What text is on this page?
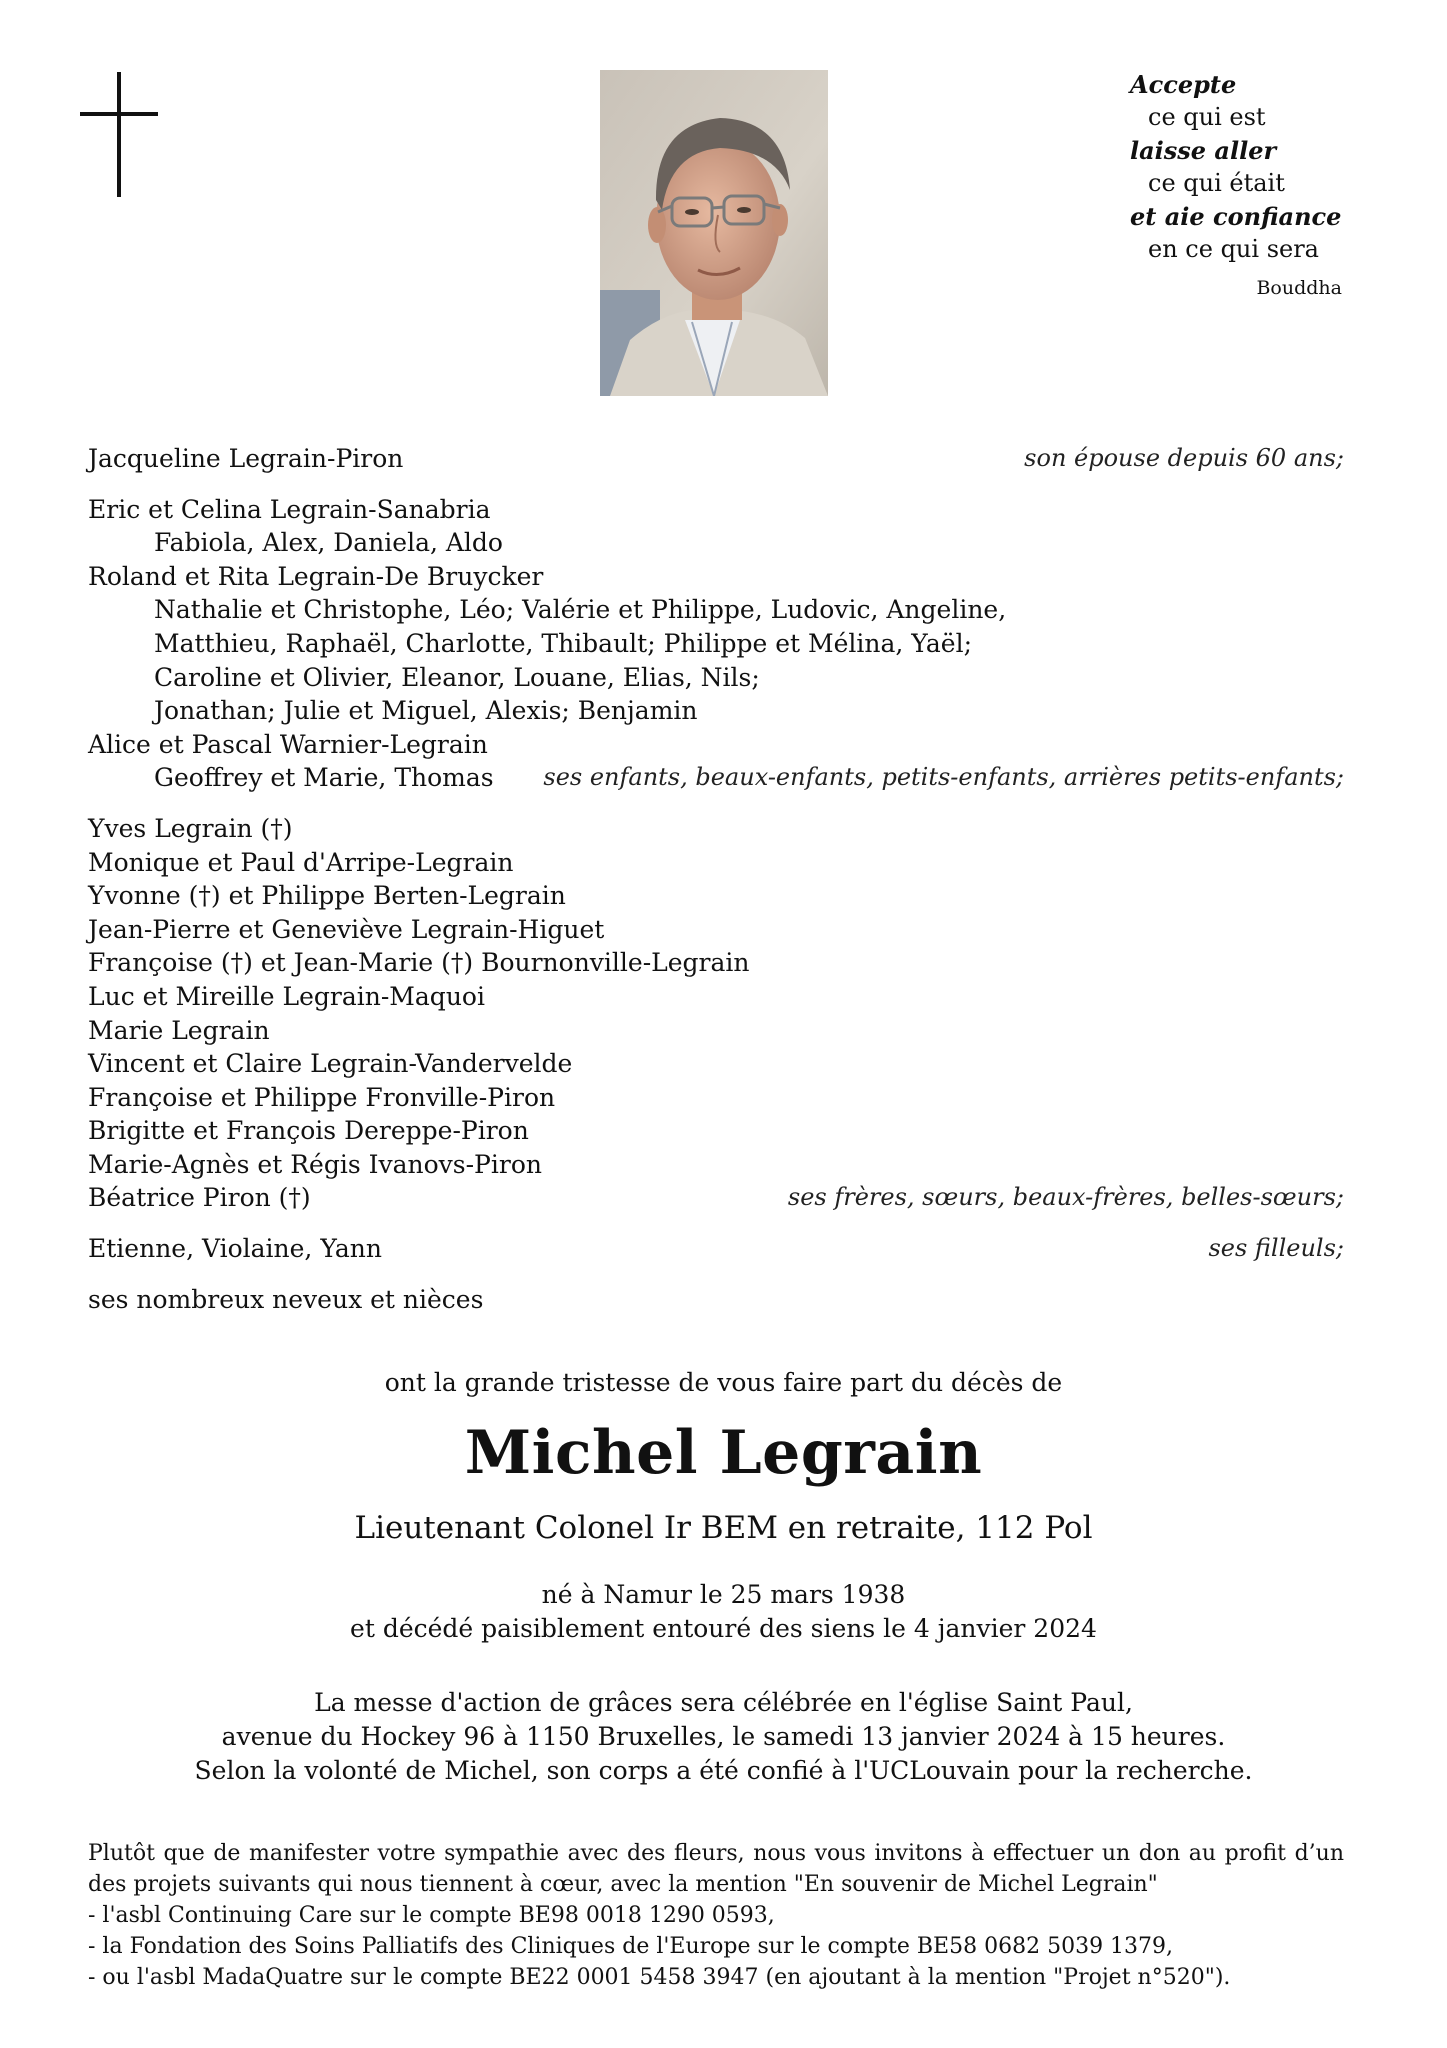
Accepte
ce qui est
laisse aller
ce qui était
et aie confiance
en ce qui sera
Bouddha
Jacqueline Legrain-Piron	son épouse depuis 60 ans;
Eric et Celina Legrain-Sanabria
Fabiola, Alex, Daniela, Aldo
Roland et Rita Legrain-De Bruycker
Nathalie et Christophe, Léo; Valérie et Philippe, Ludovic, Angeline,
Matthieu, Raphaël, Charlotte, Thibault; Philippe et Mélina, Yaël;
Caroline et Olivier, Eleanor, Louane, Elias, Nils;
Jonathan; Julie et Miguel, Alexis; Benjamin
Alice et Pascal Warnier-Legrain
Geoffrey et Marie, Thomas ses enfants, beaux-enfants, petits-enfants, arrières petits-enfants;
Yves Legrain (†)
Monique et Paul d'Arripe-Legrain
Yvonne (†) et Philippe Berten-Legrain
Jean-Pierre et Geneviève Legrain-Higuet
Françoise (†) et Jean-Marie (†) Bournonville-Legrain
Luc et Mireille Legrain-Maquoi
Marie Legrain
Vincent et Claire Legrain-Vandervelde
Françoise et Philippe Fronville-Piron
Brigitte et François Dereppe-Piron
Marie-Agnès et Régis Ivanovs-Piron
Béatrice Piron (†)	ses frères, sœurs, beaux-frères, belles-sœurs;
Etienne, Violaine, Yann	ses filleuls;
ses nombreux neveux et nièces
ont la grande tristesse de vous faire part du décès de
Michel Legrain
Lieutenant Colonel Ir BEM en retraite, 112 Pol
né à Namur le 25 mars 1938
et décédé paisiblement entouré des siens le 4 janvier 2024
La messe d'action de grâces sera célébrée en l'église Saint Paul,
avenue du Hockey 96 à 1150 Bruxelles, le samedi 13 janvier 2024 à 15 heures.
Selon la volonté de Michel, son corps a été confié à l'UCLouvain pour la recherche.
Plutôt que de manifester votre sympathie avec des fleurs, nous vous invitons à effectuer un don au profit d’un des projets suivants qui nous tiennent à cœur, avec la mention "En souvenir de Michel Legrain"
- l'asbl Continuing Care sur le compte BE98 0018 1290 0593,
- la Fondation des Soins Palliatifs des Cliniques de l'Europe sur le compte BE58 0682 5039 1379,
- ou l'asbl MadaQuatre sur le compte BE22 0001 5458 3947 (en ajoutant à la mention "Projet n°520").
